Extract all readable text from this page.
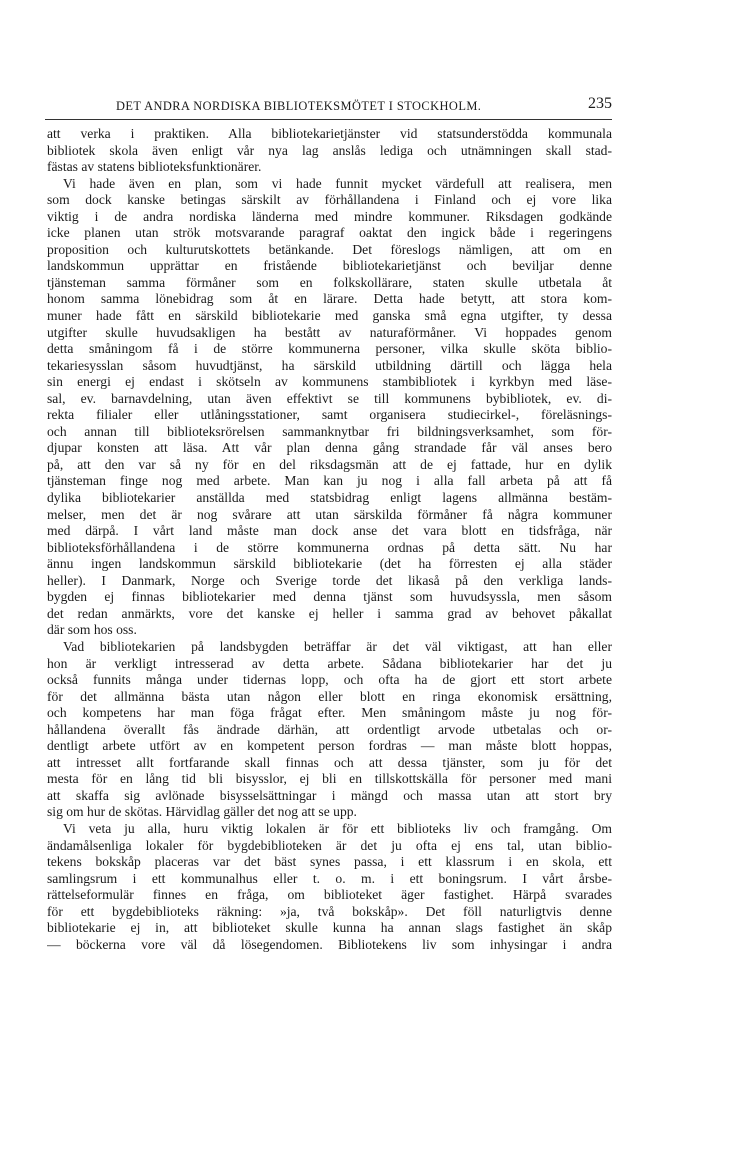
DET ANDRA NORDISKA BIBLIOTEKSMÖTET I STOCKHOLM.	235
att verka i praktiken. Alla bibliotekarietjänster vid statsunderstödda kommunala
bibliotek skola även enligt vår nya lag anslås lediga och utnämningen skall stad-
fästas av statens biblioteksfunktionärer.
Vi hade även en plan, som vi hade funnit mycket värdefull att realisera, men
som dock kanske betingas särskilt av förhållandena i Finland och ej vore lika
viktig i de andra nordiska länderna med mindre kommuner. Riksdagen godkände
icke planen utan strök motsvarande paragraf oaktat den ingick både i regeringens
proposition och kulturutskottets betänkande. Det föreslogs nämligen, att om en
landskommun upprättar en fristående bibliotekarietjänst och beviljar denne
tjänsteman samma förmåner som en folkskollärare, staten skulle utbetala åt
honom samma lönebidrag som åt en lärare. Detta hade betytt, att stora kom-
muner hade fått en särskild bibliotekarie med ganska små egna utgifter, ty dessa
utgifter skulle huvudsakligen ha bestått av naturaförmåner. Vi hoppades genom
detta småningom få i de större kommunerna personer, vilka skulle sköta biblio-
tekariesysslan såsom huvudtjänst, ha särskild utbildning därtill och lägga hela
sin energi ej endast i skötseln av kommunens stambibliotek i kyrkbyn med läse-
sal, ev. barnavdelning, utan även effektivt se till kommunens bybibliotek, ev. di-
rekta filialer eller utlåningsstationer, samt organisera studiecirkel-, föreläsnings-
och annan till biblioteksrörelsen sammanknytbar fri bildningsverksamhet, som för-
djupar konsten att läsa. Att vår plan denna gång strandade får väl anses bero
på, att den var så ny för en del riksdagsmän att de ej fattade, hur en dylik
tjänsteman finge nog med arbete. Man kan ju nog i alla fall arbeta på att få
dylika bibliotekarier anställda med statsbidrag enligt lagens allmänna bestäm-
melser, men det är nog svårare att utan särskilda förmåner få några kommuner
med därpå. I vårt land måste man dock anse det vara blott en tidsfråga, när
biblioteksförhållandena i de större kommunerna ordnas på detta sätt. Nu har
ännu ingen landskommun särskild bibliotekarie (det ha förresten ej alla städer
heller). I Danmark, Norge och Sverige torde det likaså på den verkliga lands-
bygden ej finnas bibliotekarier med denna tjänst som huvudsyssla, men såsom
det redan anmärkts, vore det kanske ej heller i samma grad av behovet påkallat
där som hos oss.
Vad bibliotekarien på landsbygden beträffar är det väl viktigast, att han eller
hon är verkligt intresserad av detta arbete. Sådana bibliotekarier har det ju
också funnits många under tidernas lopp, och ofta ha de gjort ett stort arbete
för det allmänna bästa utan någon eller blott en ringa ekonomisk ersättning,
och kompetens har man föga frågat efter. Men småningom måste ju nog för-
hållandena överallt fås ändrade därhän, att ordentligt arvode utbetalas och or-
dentligt arbete utfört av en kompetent person fordras — man måste blott hoppas,
att intresset allt fortfarande skall finnas och att dessa tjänster, som ju för det
mesta för en lång tid bli bisysslor, ej bli en tillskottskälla för personer med mani
att skaffa sig avlönade bisysselsättningar i mängd och massa utan att stort bry
sig om hur de skötas. Härvidlag gäller det nog att se upp.
Vi veta ju alla, huru viktig lokalen är för ett biblioteks liv och framgång. Om
ändamålsenliga lokaler för bygdebiblioteken är det ju ofta ej ens tal, utan biblio-
tekens bokskåp placeras var det bäst synes passa, i ett klassrum i en skola, ett
samlingsrum i ett kommunalhus eller t. o. m. i ett boningsrum. I vårt årsbe-
rättelseformulär finnes en fråga, om biblioteket äger fastighet. Härpå svarades
för ett bygdebiblioteks räkning: »ja, två bokskåp». Det föll naturligtvis denne
bibliotekarie ej in, att biblioteket skulle kunna ha annan slags fastighet än skåp
— böckerna vore väl då lösegendomen. Bibliotekens liv som inhysingar i andra
